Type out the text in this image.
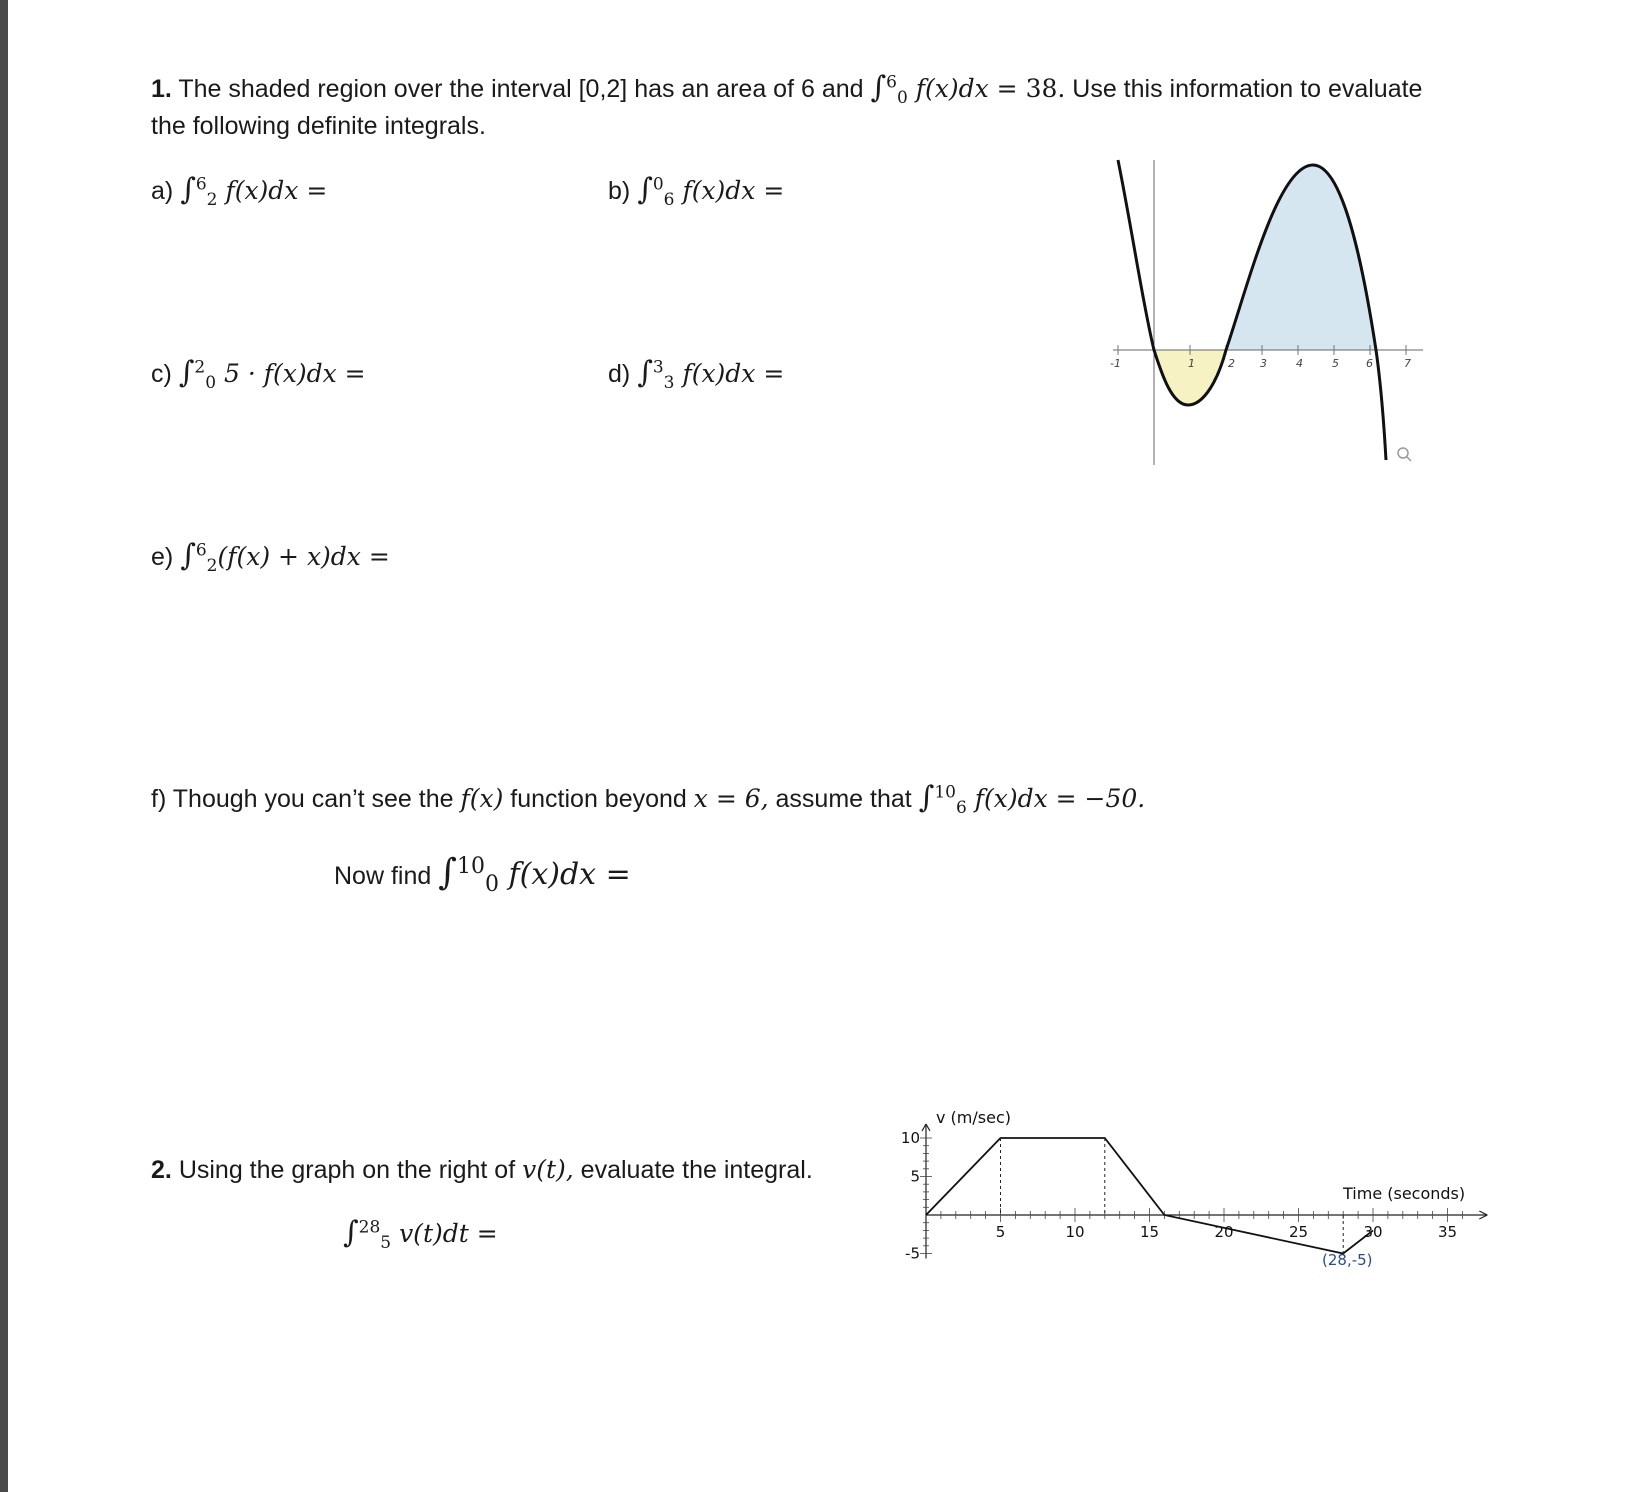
1. The shaded region over the interval [0,2] has an area of 6 and ∫$^6_0$ f(x)dx = 38. Use this information to evaluate
the following definite integrals.
a) ∫$^6_2$ f(x)dx =	b) ∫$^0_6$ f(x)dx =
c) ∫$^2_0$ 5 · f(x)dx =	d) ∫$^3_3$ f(x)dx =
e) ∫$^6_2$(f(x) + x)dx =
-1	1	2 3	4	5 6	7
f) Though you can’t see the f(x) function beyond x = 6, assume that ∫$^{10}_6$ f(x)dx = −50.
Now find ∫$^{10}_0$ f(x)dx =
2. Using the graph on the right of v(t), evaluate the integral.
∫$^{28}_5$ v(t)dt =
v (m/sec)
Time (seconds)
(28,-5)
5	10	15	20	25	30	35
10
5
-5
